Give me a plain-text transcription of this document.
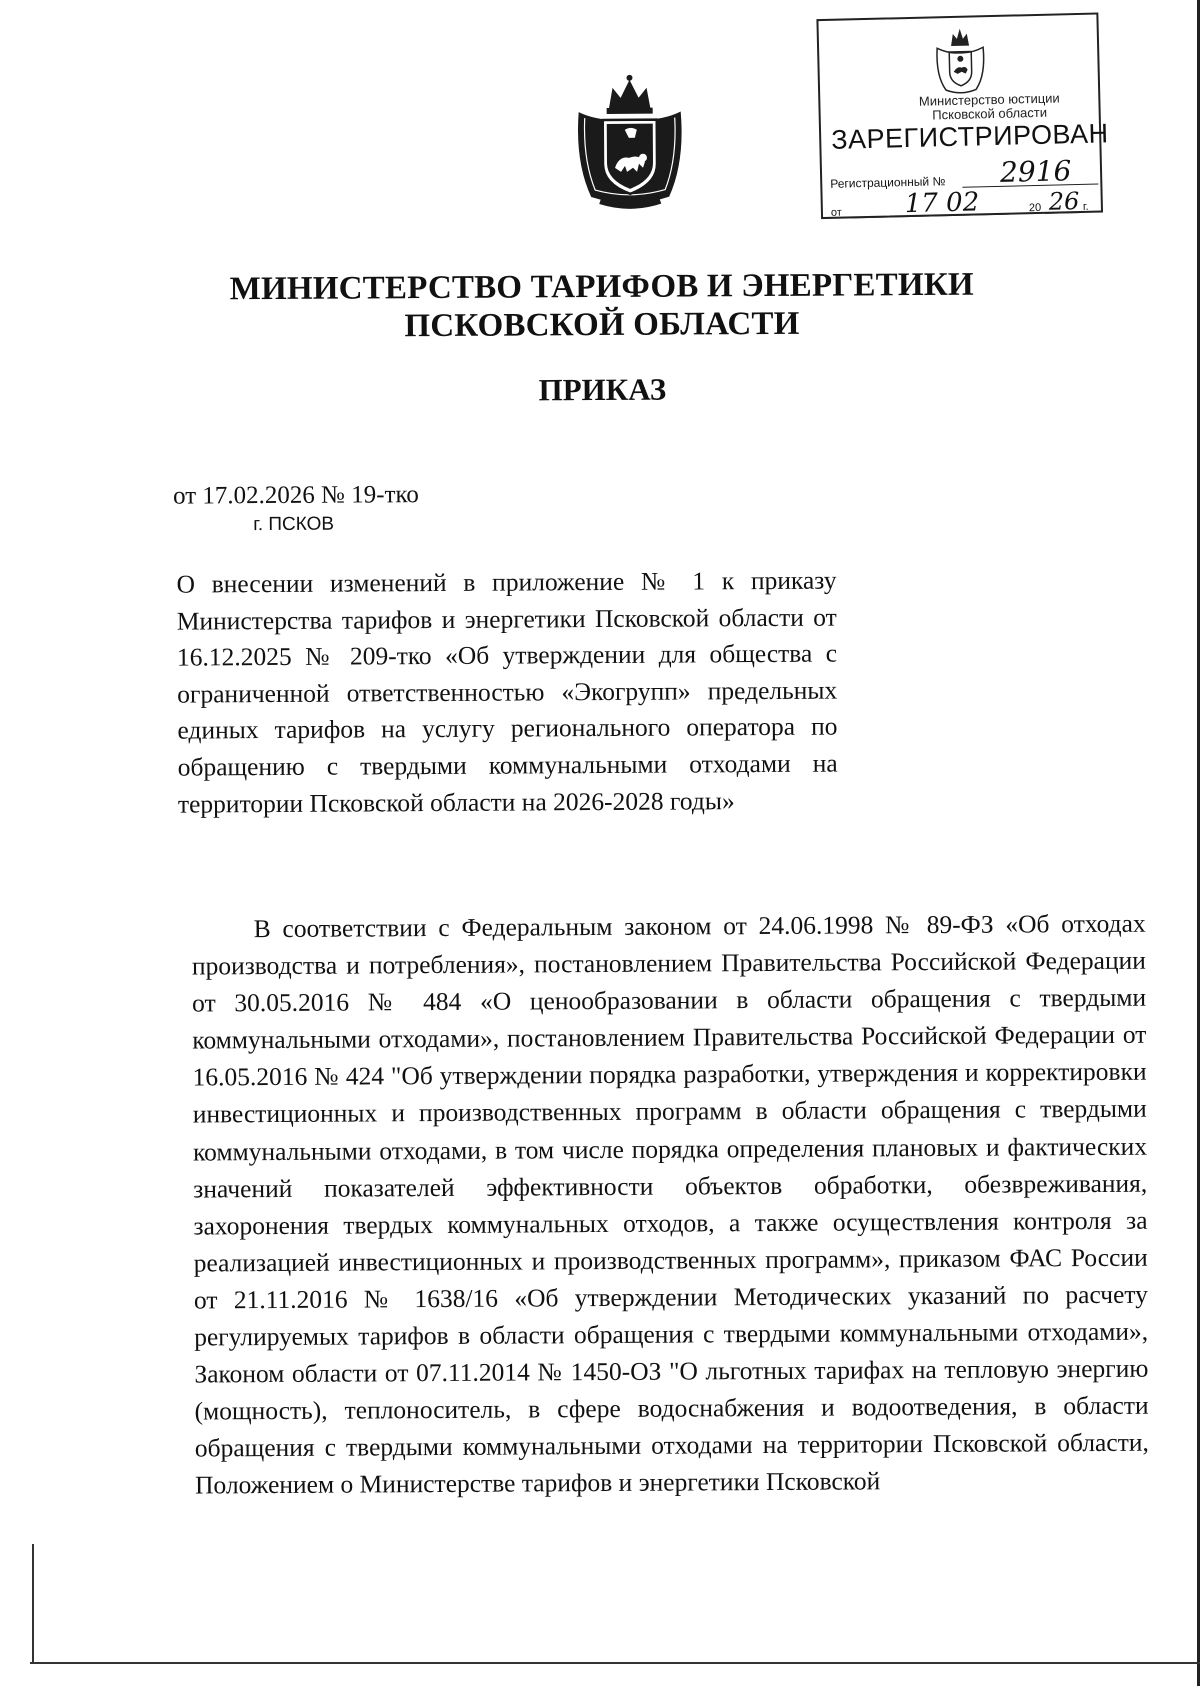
Министерство юстиции
Псковской области
ЗАРЕГИСТРИРОВАН
Регистрационный № 2916
от 17 02	20 26 г.
МИНИСТЕРСТВО ТАРИФОВ И ЭНЕРГЕТИКИ ПСКОВСКОЙ ОБЛАСТИ
ПРИКАЗ
от 17.02.2026 № 19-тко
г. ПСКОВ
О внесении изменений в приложение № 1 к приказу Министерства тарифов и энергетики Псковской области от 16.12.2025 № 209-тко «Об утверждении для общества с ограниченной ответственностью «Экогрупп» предельных единых тарифов на услугу регионального оператора по обращению с твердыми коммунальными отходами на территории Псковской области на 2026-2028 годы»
В соответствии с Федеральным законом от 24.06.1998 № 89-ФЗ «Об отходах производства и потребления», постановлением Правительства Российской Федерации от 30.05.2016 № 484 «О ценообразовании в области обращения с твердыми коммунальными отходами», постановлением Правительства Российской Федерации от 16.05.2016 № 424 "Об утверждении порядка разработки, утверждения и корректировки инвестиционных и производственных программ в области обращения с твердыми коммунальными отходами, в том числе порядка определения плановых и фактических значений показателей эффективности объектов обработки, обезвреживания, захоронения твердых коммунальных отходов, а также осуществления контроля за реализацией инвестиционных и производственных программ», приказом ФАС России от 21.11.2016 № 1638/16 «Об утверждении Методических указаний по расчету регулируемых тарифов в области обращения с твердыми коммунальными отходами», Законом области от 07.11.2014 № 1450-ОЗ "О льготных тарифах на тепловую энергию (мощность), теплоноситель, в сфере водоснабжения и водоотведения, в области обращения с твердыми коммунальными отходами на территории Псковской области, Положением о Министерстве тарифов и энергетики Псковской
